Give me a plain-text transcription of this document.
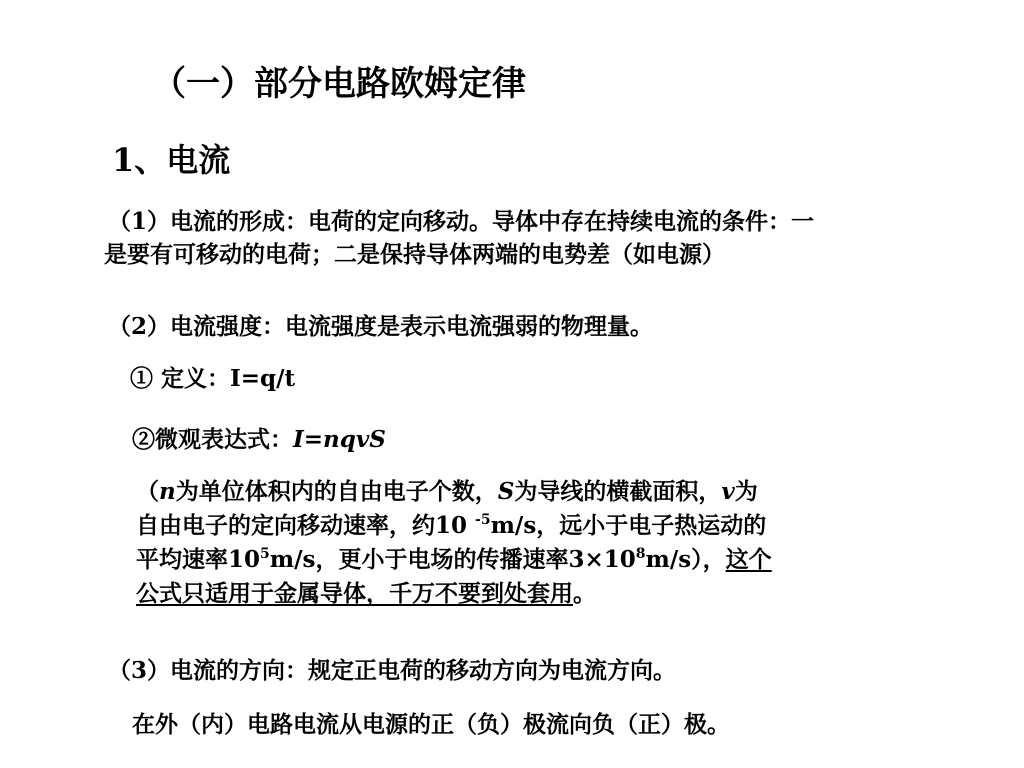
（一）部分电路欧姆定律
1、电流
（1）电流的形成：电荷的定向移动。导体中存在持续电流的条件：一
是要有可移动的电荷；二是保持导体两端的电势差（如电源）
（2）电流强度：电流强度是表示电流强弱的物理量。
① 定义：I=q/t
②微观表达式：I=nqvS
（n为单位体积内的自由电子个数，S为导线的横截面积，v为
自由电子的定向移动速率，约10 $^{-5}$m/s，远小于电子热运动的
平均速率$10^5m/s$，更小于电场的传播速率$3\times 10^8m/s$），这个
公式只适用于金属导体，千万不要到处套用。
（3）电流的方向：规定正电荷的移动方向为电流方向。
在外（内）电路电流从电源的正（负）极流向负（正）极。
